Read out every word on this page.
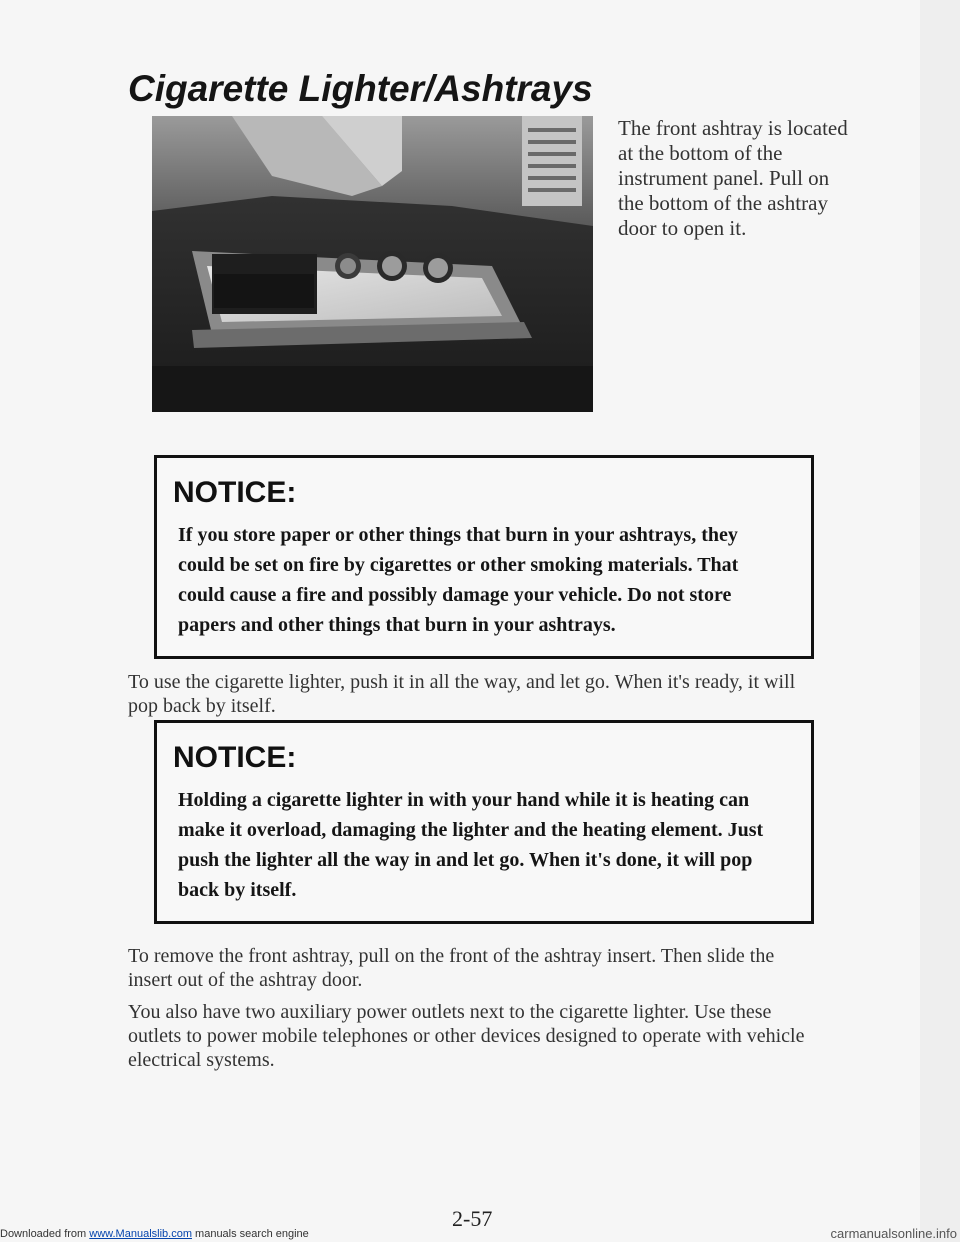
Cigarette Lighter/Ashtrays
The front ashtray is located at the bottom of the instrument panel. Pull on the bottom of the ashtray door to open it.
NOTICE:
If you store paper or other things that burn in your ashtrays, they could be set on fire by cigarettes or other smoking materials. That could cause a fire and possibly damage your vehicle. Do not store papers and other things that burn in your ashtrays.

To use the cigarette lighter, push it in all the way, and let go. When it's ready, it will pop back by itself.

NOTICE:
Holding a cigarette lighter in with your hand while it is heating can make it overload, damaging the lighter and the heating element. Just push the lighter all the way in and let go. When it's done, it will pop back by itself.

To remove the front ashtray, pull on the front of the ashtray insert. Then slide the insert out of the ashtray door.

You also have two auxiliary power outlets next to the cigarette lighter. Use these outlets to power mobile telephones or other devices designed to operate with vehicle electrical systems.

2-57
Downloaded from www.Manualslib.com manuals search engine	carmanualsonline.info
